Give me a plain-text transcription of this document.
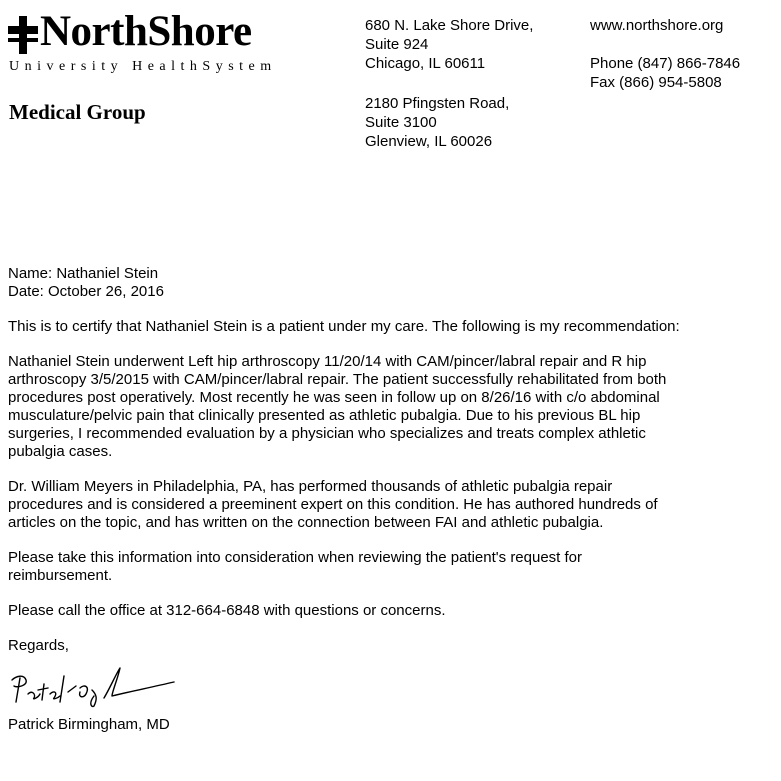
NorthShore
University HealthSystem
Medical Group
680 N. Lake Shore Drive,
Suite 924
Chicago, IL 60611
2180 Pfingsten Road,
Suite 3100
Glenview, IL 60026
www.northshore.org
Phone (847) 866-7846
Fax (866) 954-5808

Name: Nathaniel Stein
Date: October 26, 2016

This is to certify that Nathaniel Stein is a patient under my care. The following is my recommendation:

Nathaniel Stein underwent Left hip arthroscopy 11/20/14 with CAM/pincer/labral repair and R hip
arthroscopy 3/5/2015 with CAM/pincer/labral repair. The patient successfully rehabilitated from both
procedures post operatively. Most recently he was seen in follow up on 8/26/16 with c/o abdominal
musculature/pelvic pain that clinically presented as athletic pubalgia. Due to his previous BL hip
surgeries, I recommended evaluation by a physician who specializes and treats complex athletic
pubalgia cases.

Dr. William Meyers in Philadelphia, PA, has performed thousands of athletic pubalgia repair
procedures and is considered a preeminent expert on this condition. He has authored hundreds of
articles on the topic, and has written on the connection between FAI and athletic pubalgia.

Please take this information into consideration when reviewing the patient's request for
reimbursement.

Please call the office at 312-664-6848 with questions or concerns.

Regards,

Patrick Birmingham, MD
